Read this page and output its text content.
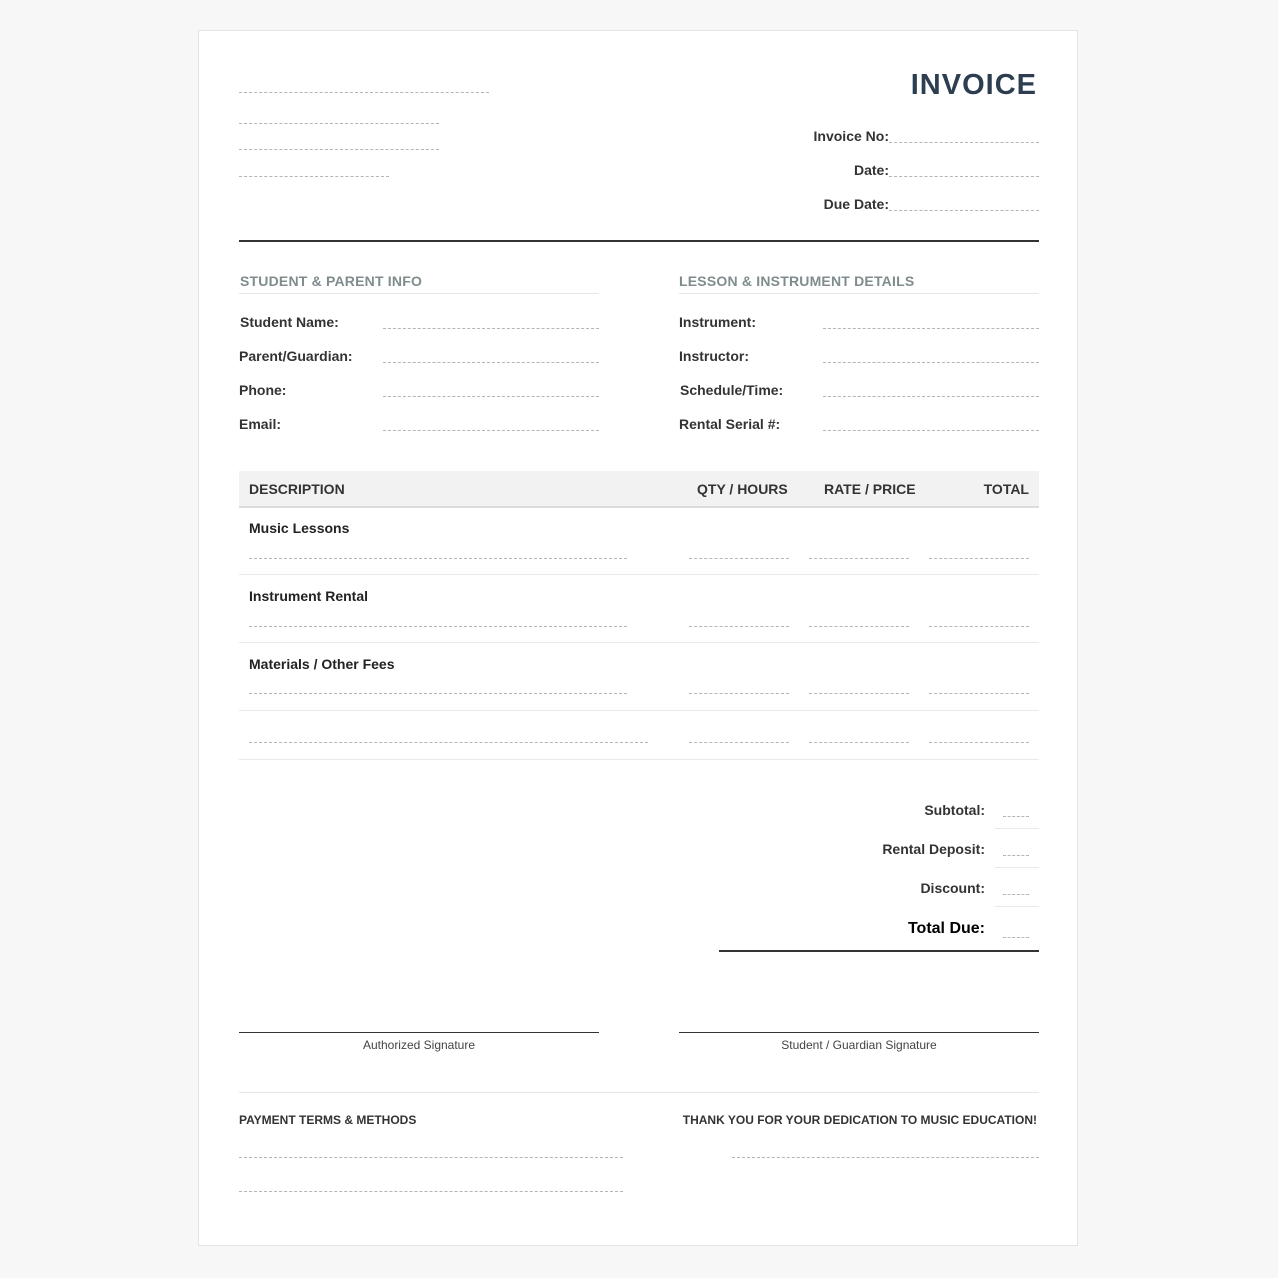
INVOICE
Invoice No:
Date:
Due Date:
STUDENT & PARENT INFO
Student Name:
Parent/Guardian:
Phone:
Email:
LESSON & INSTRUMENT DETAILS
Instrument:
Instructor:
Schedule/Time:
Rental Serial #:
DESCRIPTION	QTY / HOURS	RATE / PRICE	TOTAL
Music Lessons
Instrument Rental
Materials / Other Fees
Subtotal:
Rental Deposit:
Discount:
Total Due:
Authorized Signature	Student / Guardian Signature
PAYMENT TERMS & METHODS	THANK YOU FOR YOUR DEDICATION TO MUSIC EDUCATION!
